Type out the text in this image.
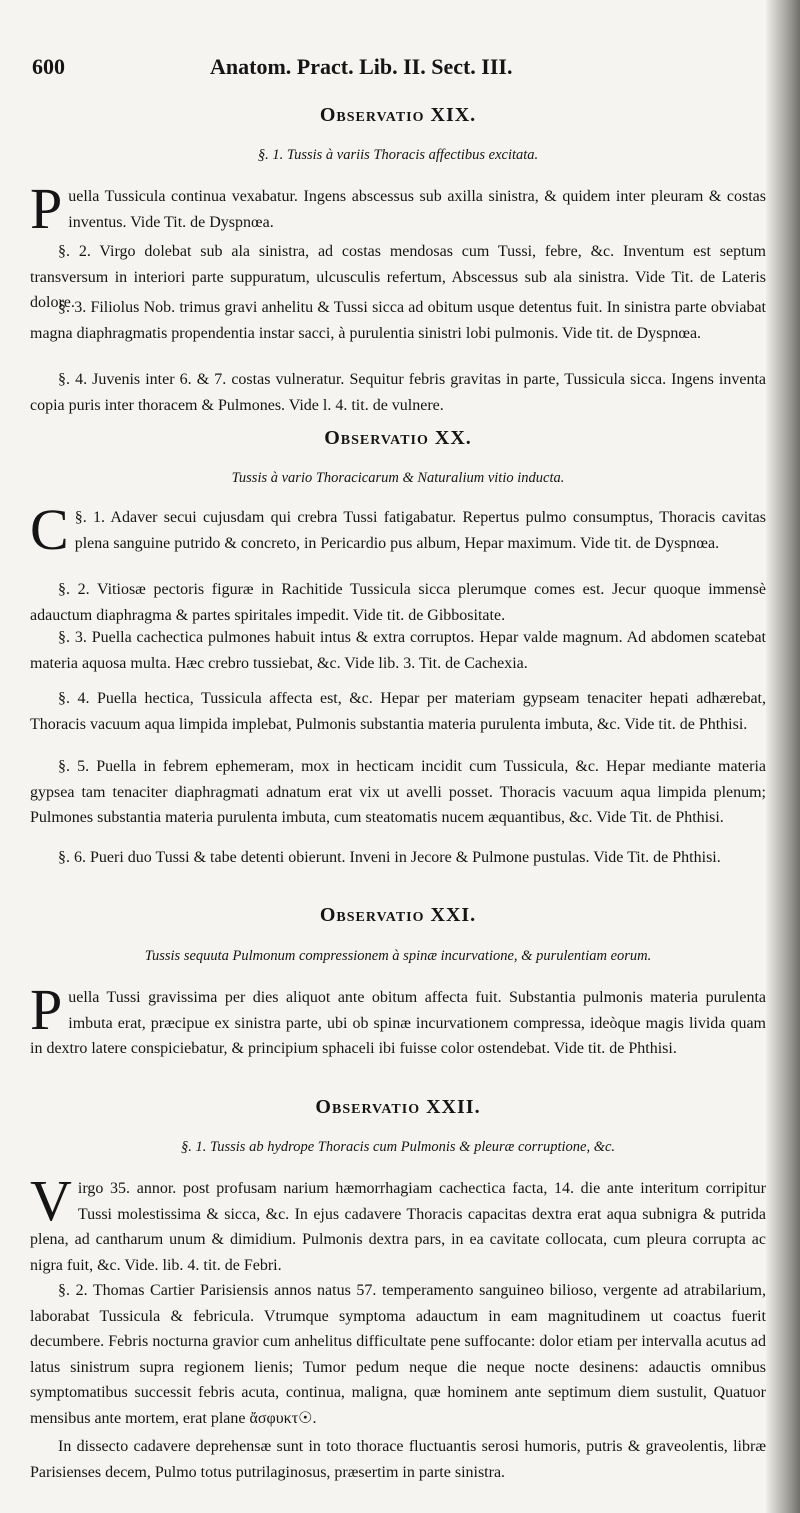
600	Anatom. Pract. Lib. II. Sect. III.
Observatio XIX.
§. 1. Tussis à variis Thoracis affectibus excitata.
Puella Tussicula continua vexabatur. Ingens abscessus sub axilla sinistra, & quidem inter pleuram & costas inventus. Vide Tit. de Dyspnœa.
§. 2. Virgo dolebat sub ala sinistra, ad costas mendosas cum Tussi, febre, &c. Inventum est septum transversum in interiori parte suppuratum, ulcusculis refertum, Abscessus sub ala sinistra. Vide Tit. de Lateris dolore.
§. 3. Filiolus Nob. trimus gravi anhelitu & Tussi sicca ad obitum usque detentus fuit. In sinistra parte obviabat magna diaphragmatis propendentia instar sacci, à purulentia sinistri lobi pulmonis. Vide tit. de Dyspnœa.
§. 4. Juvenis inter 6. & 7. costas vulneratur. Sequitur febris gravitas in parte, Tussicula sicca. Ingens inventa copia puris inter thoracem & Pulmones. Vide l. 4. tit. de vulnere.
Observatio XX.
Tussis à vario Thoracicarum & Naturalium vitio inducta.
C §. 1. Adaver secui cujusdam qui crebra Tussi fatigabatur. Repertus pulmo consumptus, Thoracis cavitas plena sanguine putrido & concreto, in Pericardio pus album, Hepar maximum. Vide tit. de Dyspnœa.
§. 2. Vitiosæ pectoris figuræ in Rachitide Tussicula sicca plerumque comes est. Jecur quoque immensè adauctum diaphragma & partes spiritales impedit. Vide tit. de Gibbositate.
§. 3. Puella cachectica pulmones habuit intus & extra corruptos. Hepar valde magnum. Ad abdomen scatebat materia aquosa multa. Hæc crebro tussiebat, &c. Vide lib. 3. Tit. de Cachexia.
§. 4. Puella hectica, Tussicula affecta est, &c. Hepar per materiam gypseam tenaciter hepati adhærebat, Thoracis vacuum aqua limpida implebat, Pulmonis substantia materia purulenta imbuta, &c. Vide tit. de Phthisi.
§. 5. Puella in febrem ephemeram, mox in hecticam incidit cum Tussicula, &c. Hepar mediante materia gypsea tam tenaciter diaphragmati adnatum erat vix ut avelli posset. Thoracis vacuum aqua limpida plenum; Pulmones substantia materia purulenta imbuta, cum steatomatis nucem æquantibus, &c. Vide Tit. de Phthisi.
§. 6. Pueri duo Tussi & tabe detenti obierunt. Inveni in Jecore & Pulmone pustulas. Vide Tit. de Phthisi.
Observatio XXI.
Tussis sequuta Pulmonum compressionem à spinæ incurvatione, & purulentiam eorum.
Puella Tussi gravissima per dies aliquot ante obitum affecta fuit. Substantia pulmonis materia purulenta imbuta erat, præcipue ex sinistra parte, ubi ob spinæ incurvationem compressa, ideòque magis livida quam in dextro latere conspiciebatur, & principium sphaceli ibi fuisse color ostendebat. Vide tit. de Phthisi.
Observatio XXII.
§. 1. Tussis ab hydrope Thoracis cum Pulmonis & pleuræ corruptione, &c.
Virgo 35. annor. post profusam narium hæmorrhagiam cachectica facta, 14. die ante interitum corripitur Tussi molestissima & sicca, &c. In ejus cadavere Thoracis capacitas dextra erat aqua subnigra & putrida plena, ad cantharum unum & dimidium. Pulmonis dextra pars, in ea cavitate collocata, cum pleura corrupta ac nigra fuit, &c. Vide. lib. 4. tit. de Febri.
§. 2. Thomas Cartier Parisiensis annos natus 57. temperamento sanguineo bilioso, vergente ad atrabilarium, laborabat Tussicula & febricula. Vtrumque symptoma adauctum in eam magnitudinem ut coactus fuerit decumbere. Febris nocturna gravior cum anhelitus difficultate pene suffocante: dolor etiam per intervalla acutus ad latus sinistrum supra regionem lienis; Tumor pedum neque die neque nocte desinens: adauctis omnibus symptomatibus successit febris acuta, continua, maligna, quæ hominem ante septimum diem sustulit, Quatuor mensibus ante mortem, erat plane ἄσφυκτ☉.
In dissecto cadavere deprehensæ sunt in toto thorace fluctuantis serosi humoris, putris & graveolentis, libræ Parisienses decem, Pulmo totus putrilaginosus, præsertim in parte sinistra.
